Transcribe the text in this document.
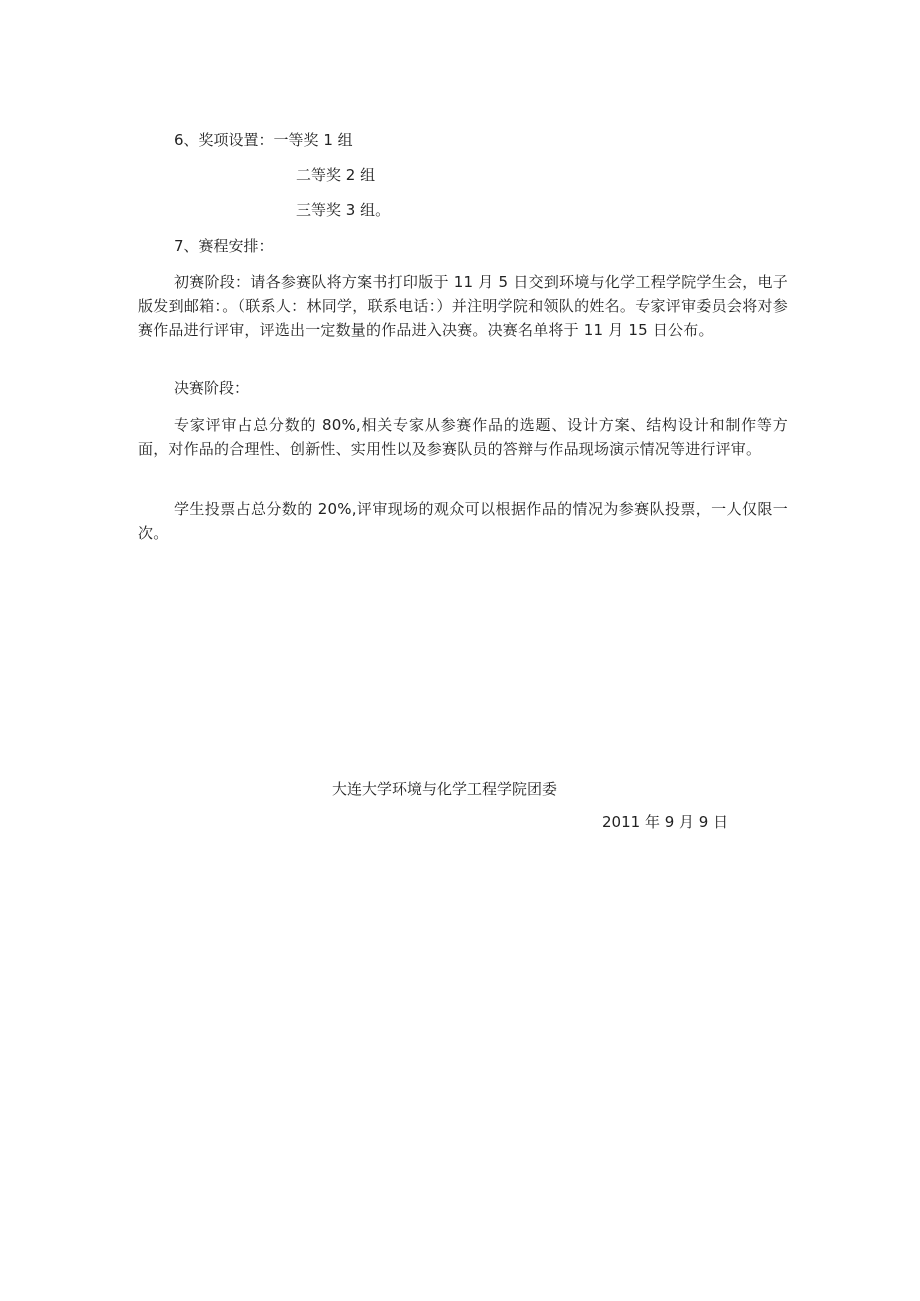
6、奖项设置：一等奖 1 组
二等奖 2 组
三等奖 3 组。
7、赛程安排：
初赛阶段：请各参赛队将方案书打印版于 11 月 5 日交到环境与化学工程学院学生会，电子版发到邮箱：。（联系人：林同学，联系电话：）并注明学院和领队的姓名。专家评审委员会将对参赛作品进行评审，评选出一定数量的作品进入决赛。决赛名单将于 11 月 15 日公布。
决赛阶段：
专家评审占总分数的 80%,相关专家从参赛作品的选题、设计方案、结构设计和制作等方面，对作品的合理性、创新性、实用性以及参赛队员的答辩与作品现场演示情况等进行评审。
学生投票占总分数的 20%,评审现场的观众可以根据作品的情况为参赛队投票，一人仅限一次。
大连大学环境与化学工程学院团委
2011 年 9 月 9 日
